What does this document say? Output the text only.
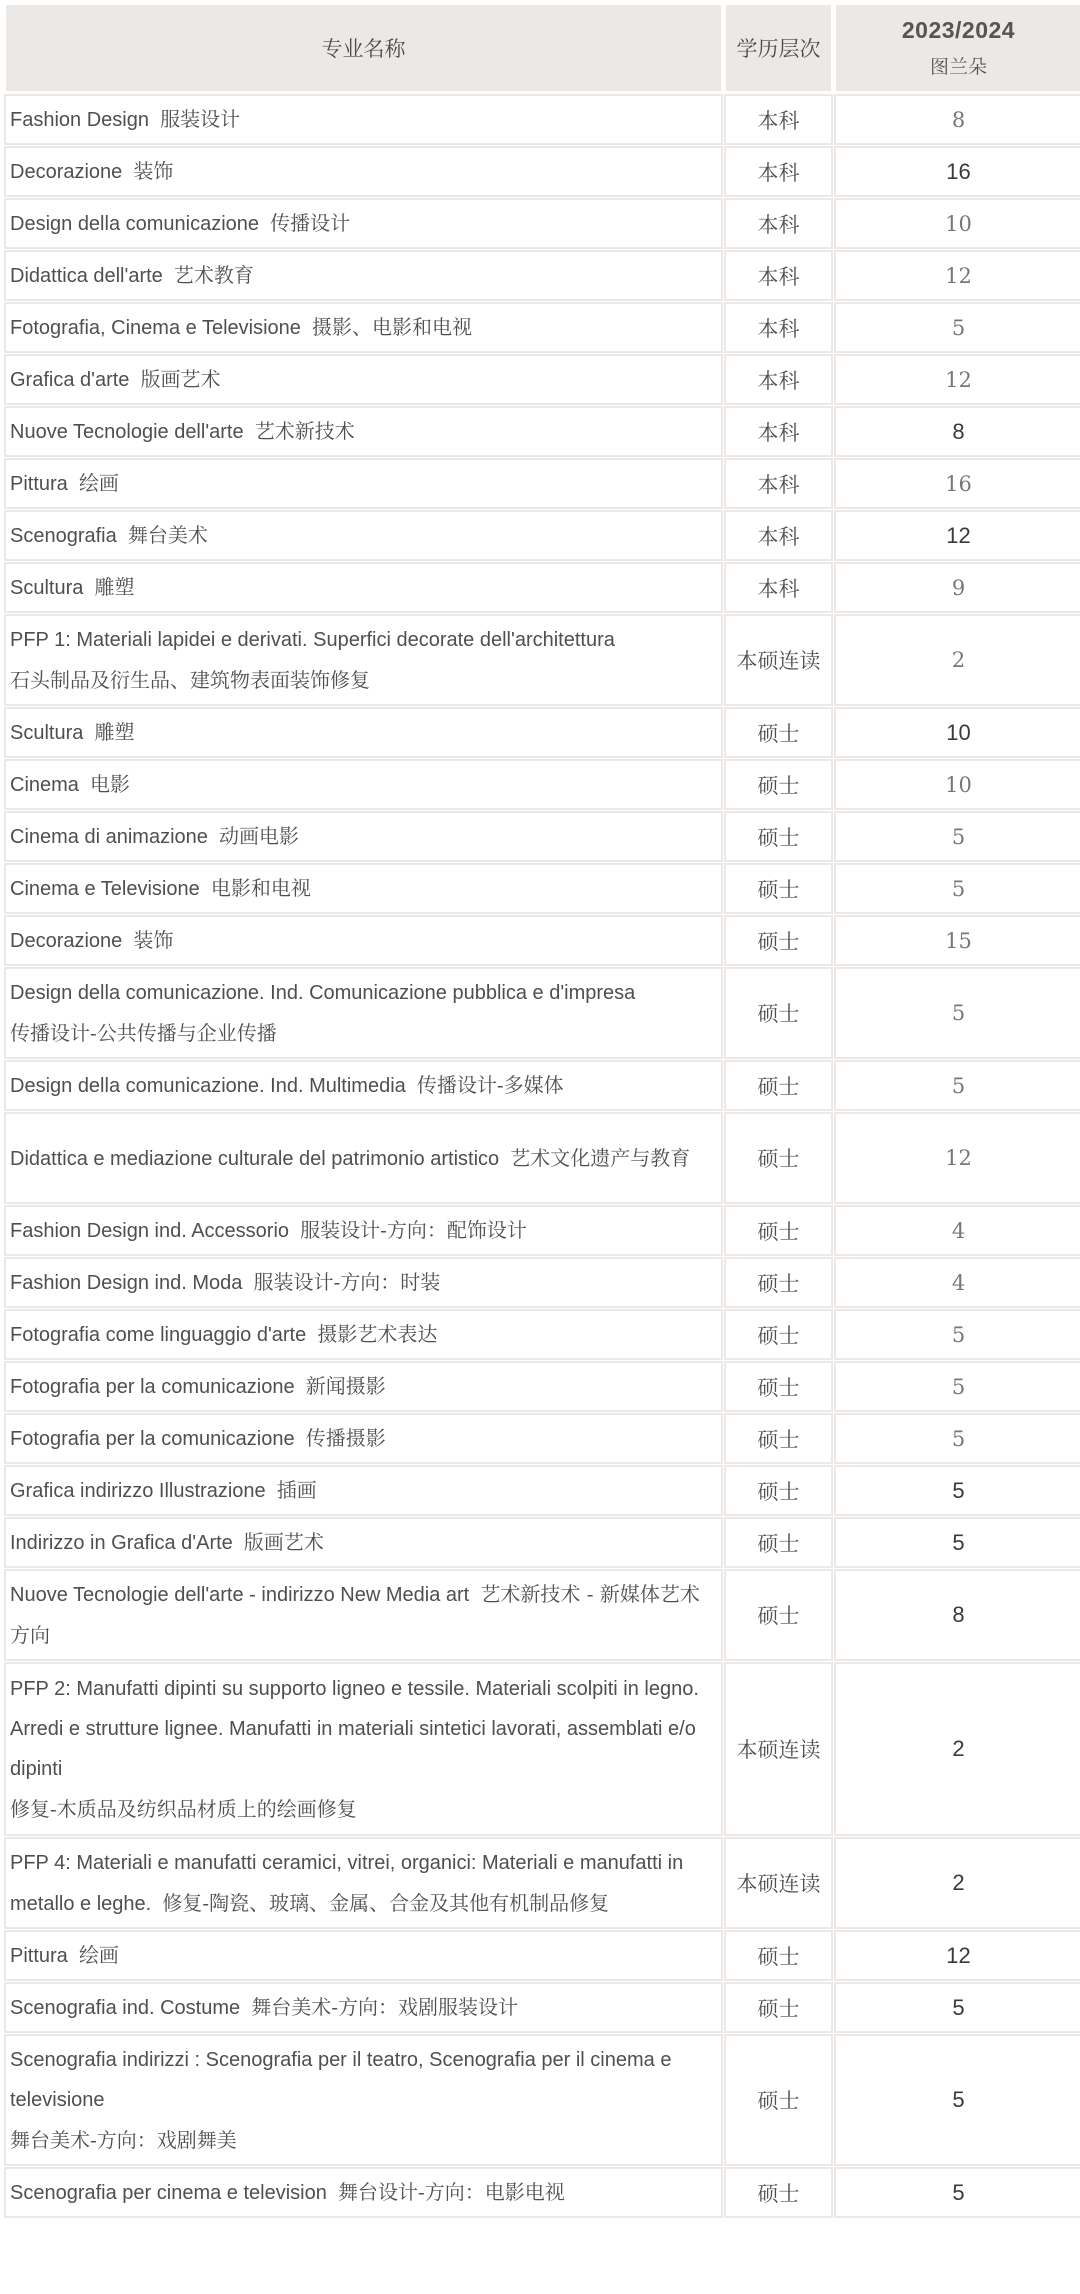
专业名称	学历层次	2023/2024
图兰朵

Fashion Design 服装设计	本科	8
Decorazione 装饰	本科	16
Design della comunicazione 传播设计	本科	10
Didattica dell'arte 艺术教育	本科	12
Fotografia, Cinema e Televisione 摄影、电影和电视	本科	5
Grafica d'arte 版画艺术	本科	12
Nuove Tecnologie dell'arte 艺术新技术	本科	8
Pittura 绘画	本科	16
Scenografia 舞台美术	本科	12
Scultura 雕塑	本科	9
PFP 1: Materiali lapidei e derivati. Superfici decorate dell'architettura
石头制品及衍生品、建筑物表面装饰修复	本硕连读	2
Scultura 雕塑	硕士	10
Cinema 电影	硕士	10
Cinema di animazione 动画电影	硕士	5
Cinema e Televisione 电影和电视	硕士	5
Decorazione 装饰	硕士	15
Design della comunicazione. Ind. Comunicazione pubblica e d'impresa
传播设计-公共传播与企业传播	硕士	5
Design della comunicazione. Ind. Multimedia 传播设计-多媒体	硕士	5
Didattica e mediazione culturale del patrimonio artistico 艺术文化遗产与教育	硕士	12
Fashion Design ind. Accessorio 服装设计-方向：配饰设计	硕士	4
Fashion Design ind. Moda 服装设计-方向：时装	硕士	4
Fotografia come linguaggio d'arte 摄影艺术表达	硕士	5
Fotografia per la comunicazione 新闻摄影	硕士	5
Fotografia per la comunicazione 传播摄影	硕士	5
Grafica indirizzo Illustrazione 插画	硕士	5
Indirizzo in Grafica d'Arte 版画艺术	硕士	5
Nuove Tecnologie dell'arte - indirizzo New Media art 艺术新技术 - 新媒体艺术方向	硕士	8
PFP 2: Manufatti dipinti su supporto ligneo e tessile. Materiali scolpiti in legno. Arredi e strutture lignee. Manufatti in materiali sintetici lavorati, assemblati e/o dipinti
修复-木质品及纺织品材质上的绘画修复	本硕连读	2
PFP 4: Materiali e manufatti ceramici, vitrei, organici: Materiali e manufatti in metallo e leghe. 修复-陶瓷、玻璃、金属、合金及其他有机制品修复	本硕连读	2
Pittura 绘画	硕士	12
Scenografia ind. Costume 舞台美术-方向：戏剧服装设计	硕士	5
Scenografia indirizzi : Scenografia per il teatro, Scenografia per il cinema e televisione
舞台美术-方向：戏剧舞美	硕士	5
Scenografia per cinema e television 舞台设计-方向：电影电视	硕士	5
